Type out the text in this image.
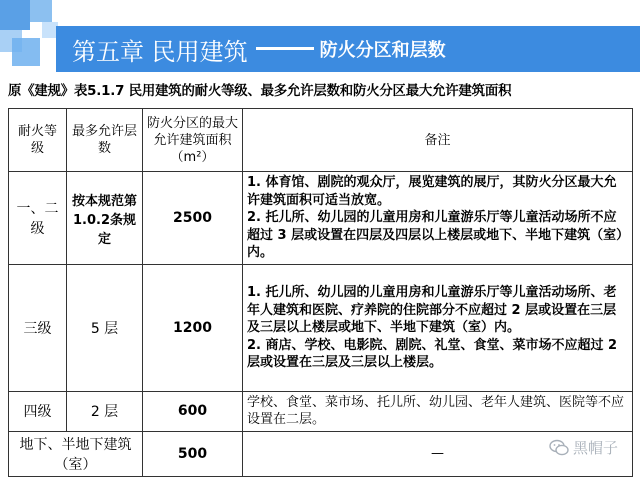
第五章 民用建筑	防火分区和层数
原《建规》表5.1.7 民用建筑的耐火等级、最多允许层数和防火分区最大允许建筑面积
耐火等级	最多允许层数	防火分区的最大允许建筑面积（m²）	备注
一、二级	按本规范第1.0.2条规定	2500	1. 体育馆、剧院的观众厅，展览建筑的展厅，其防火分区最大允许建筑面积可适当放宽。
2. 托儿所、幼儿园的儿童用房和儿童游乐厅等儿童活动场所不应超过 3 层或设置在四层及四层以上楼层或地下、半地下建筑（室）内。

三级	5 层	1200	1. 托儿所、幼儿园的儿童用房和儿童游乐厅等儿童活动场所、老年人建筑和医院、疗养院的住院部分不应超过 2 层或设置在三层及三层以上楼层或地下、半地下建筑（室）内。
2. 商店、学校、电影院、剧院、礼堂、食堂、菜市场不应超过 2 层或设置在三层及三层以上楼层。

四级	2 层	600	学校、食堂、菜市场、托儿所、幼儿园、老年人建筑、医院等不应设置在二层。

地下、半地下建筑（室）		500	—	黑帽子
